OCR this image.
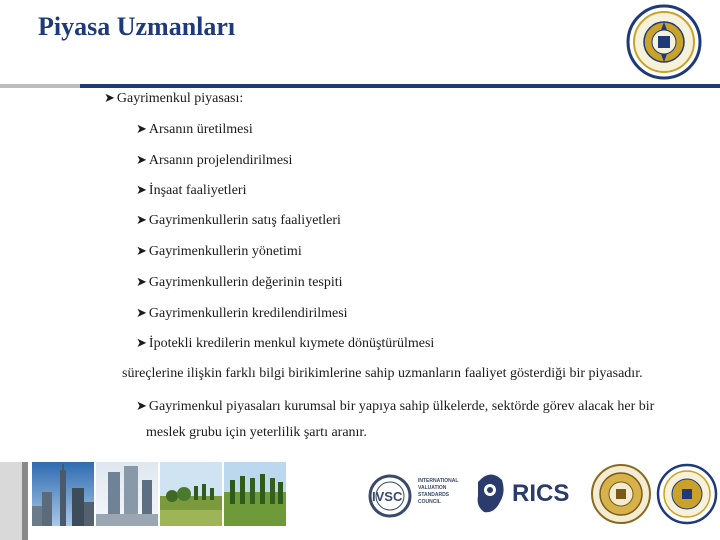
Piyasa Uzmanları
➤ Gayrimenkul piyasası:
➤ Arsanın üretilmesi
➤ Arsanın projelendirilmesi
➤ İnşaat faaliyetleri
➤ Gayrimenkullerin satış faaliyetleri
➤ Gayrimenkullerin yönetimi
➤ Gayrimenkullerin değerinin tespiti
➤ Gayrimenkullerin kredilendirilmesi
➤ İpotekli kredilerin menkul kıymete dönüştürülmesi
süreçlerine ilişkin farklı bilgi birikimlerine sahip uzmanların faaliyet gösterdiği bir piyasadır.
➤ Gayrimenkul piyasaları kurumsal bir yapıya sahip ülkelerde, sektörde görev alacak her bir
meslek grubu için yeterlilik şartı aranır.
IVSC
INTERNATIONAL
VALUATION
STANDARDS
COUNCIL	RICS
